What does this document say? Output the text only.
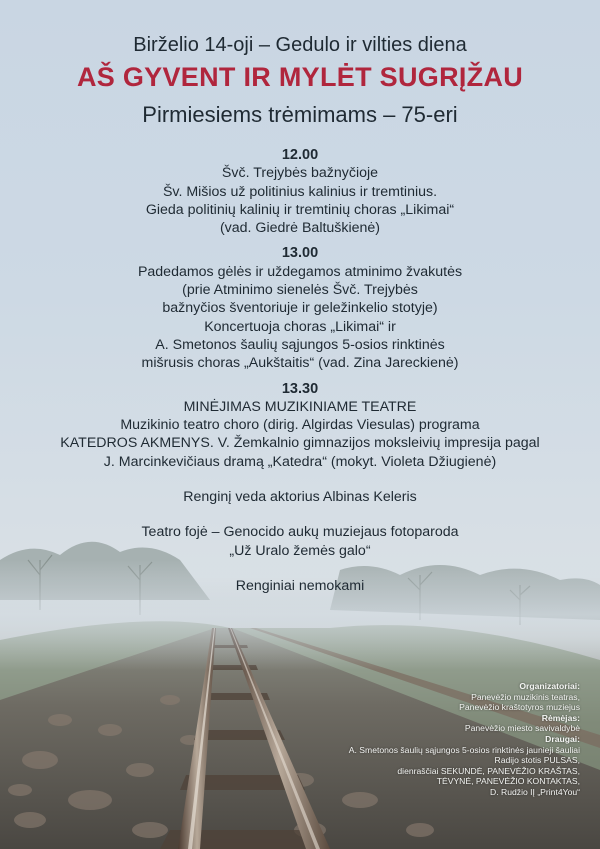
Birželio 14-oji – Gedulo ir vilties diena
AŠ GYVENT IR MYLĖT SUGRĮŽAU
Pirmiesiems trėmimams – 75-eri
12.00
Švč. Trejybės bažnyčioje
Šv. Mišios už politinius kalinius ir tremtinius.
Gieda politinių kalinių ir tremtinių choras „Likimai“
(vad. Giedrė Baltuškienė)
13.00
Padedamos gėlės ir uždegamos atminimo žvakutės
(prie Atminimo sienelės Švč. Trejybės
bažnyčios šventoriuje ir geležinkelio stotyje)
Koncertuoja choras „Likimai“ ir
A. Smetonos šaulių sąjungos 5-osios rinktinės
mišrusis choras „Aukštaitis“ (vad. Zina Jareckienė)
13.30
MINĖJIMAS MUZIKINIAME TEATRE
Muzikinio teatro choro (dirig. Algirdas Viesulas) programa
KATEDROS AKMENYS. V. Žemkalnio gimnazijos moksleivių impresija pagal
J. Marcinkevičiaus dramą „Katedra“ (mokyt. Violeta Džiugienė)
Renginį veda aktorius Albinas Keleris
Teatro fojė – Genocido aukų muziejaus fotoparoda
„Už Uralo žemės galo“
Renginiai nemokami
Organizatoriai:
Panevėžio muzikinis teatras,
Panevėžio kraštotyros muziejus
Rėmėjas:
Panevėžio miesto savivaldybė
Draugai:
A. Smetonos šaulių sąjungos 5-osios rinktinės jaunieji šauliai
Radijo stotis PULSAS,
dienraščiai SEKUNDĖ, PANEVĖŽIO KRAŠTAS,
TĖVYNĖ, PANEVĖŽIO KONTAKTAS,
D. Rudžio IĮ „Print4You“
